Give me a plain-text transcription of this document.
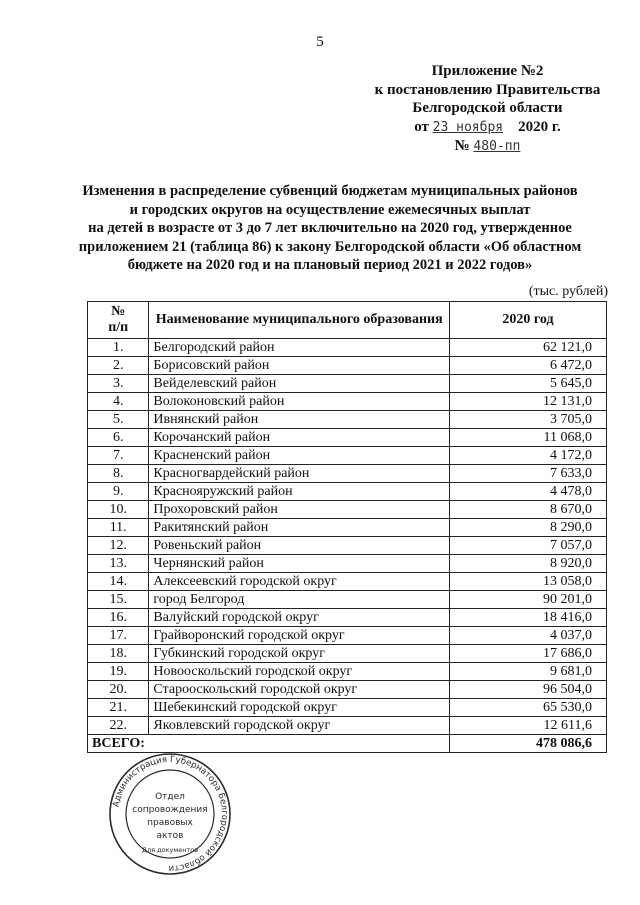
5
Приложение №2
к постановлению Правительства
Белгородской области
от 23 ноября 2020 г.
№ 480-пп
Изменения в распределение субвенций бюджетам муниципальных районов
и городских округов на осуществление ежемесячных выплат
на детей в возрасте от 3 до 7 лет включительно на 2020 год, утвержденное
приложением 21 (таблица 86) к закону Белгородской области «Об областном
бюджете на 2020 год и на плановый период 2021 и 2022 годов»
(тыс. рублей)
№
п/п	Наименование муниципального образования	2020 год
1.	Белгородский район	62 121,0
2.	Борисовский район	6 472,0
3.	Вейделевский район	5 645,0
4.	Волоконовский район	12 131,0
5.	Ивнянский район	3 705,0
6.	Корочанский район	11 068,0
7.	Красненский район	4 172,0
8.	Красногвардейский район	7 633,0
9.	Краснояружский район	4 478,0
10.	Прохоровский район	8 670,0
11.	Ракитянский район	8 290,0
12.	Ровеньский район	7 057,0
13.	Чернянский район	8 920,0
14.	Алексеевский городской округ	13 058,0
15.	город Белгород	90 201,0
16.	Валуйский городской округ	18 416,0
17.	Грайворонский городской округ	4 037,0
18.	Губкинский городской округ	17 686,0
19.	Новооскольский городской округ	9 681,0
20.	Старооскольский городской округ	96 504,0
21.	Шебекинский городской округ	65 530,0
22.	Яковлевский городской округ	12 611,6
ВСЕГО:		478 086,6
Администрация Губернатора Белгородской области
Отдел
сопровождения
правовых
актов
Для документов
